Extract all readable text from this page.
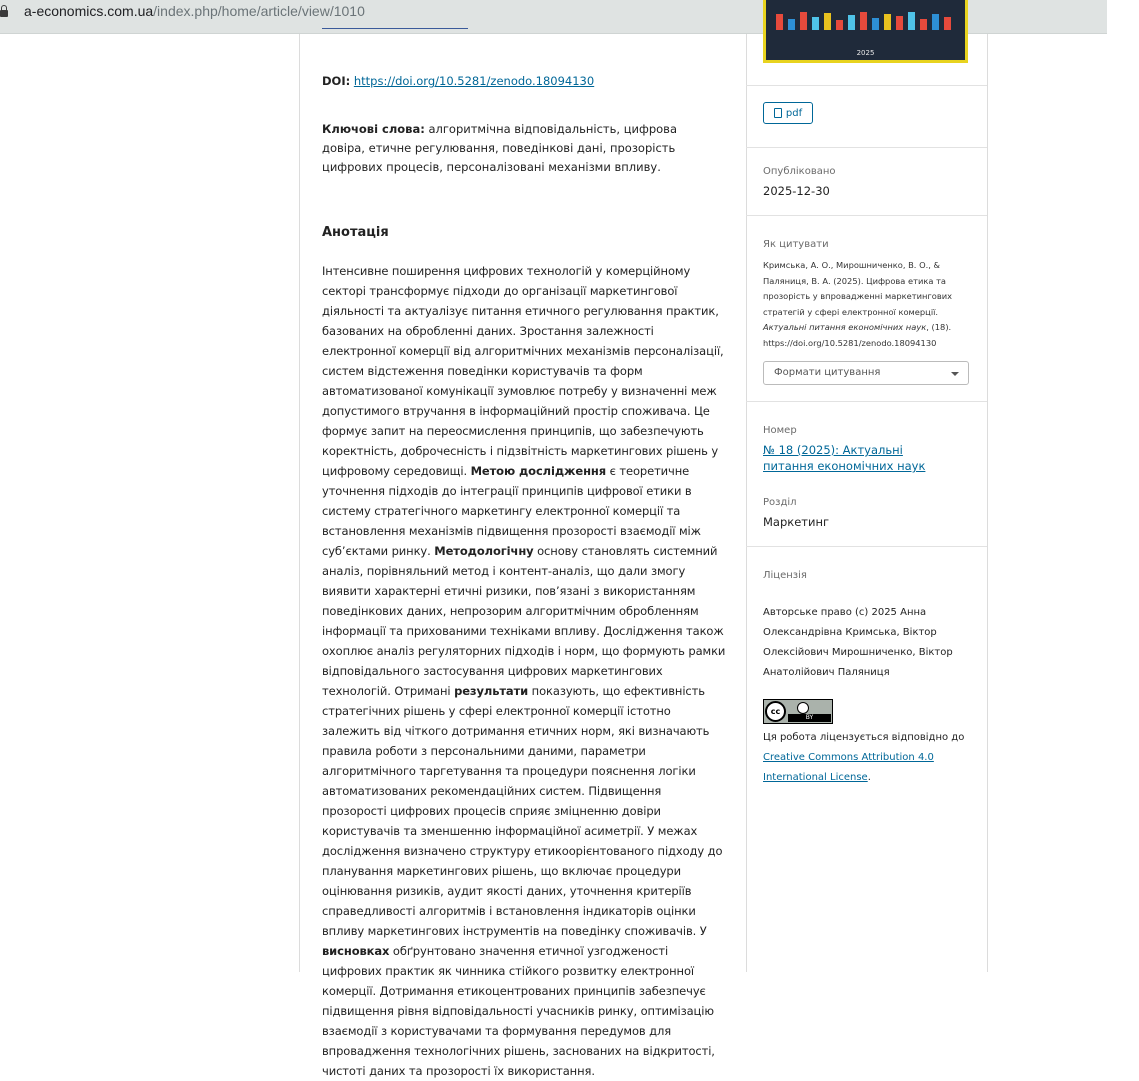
a-economics.com.ua/index.php/home/article/view/1010
DOI: https://doi.org/10.5281/zenodo.18094130
Ключові слова: алгоритмічна відповідальність, цифрова довіра, етичне регулювання, поведінкові дані, прозорість цифрових процесів, персоналізовані механізми впливу.
Анотація
Інтенсивне поширення цифрових технологій у комерційному секторі трансформує підходи до організації маркетингової діяльності та актуалізує питання етичного регулювання практик, базованих на обробленні даних. Зростання залежності електронної комерції від алгоритмічних механізмів персоналізації, систем відстеження поведінки користувачів та форм автоматизованої комунікації зумовлює потребу у визначенні меж допустимого втручання в інформаційний простір споживача. Це формує запит на переосмислення принципів, що забезпечують коректність, доброчесність і підзвітність маркетингових рішень у цифровому середовищі. Метою дослідження є теоретичне уточнення підходів до інтеграції принципів цифрової етики в систему стратегічного маркетингу електронної комерції та встановлення механізмів підвищення прозорості взаємодії між суб’єктами ринку. Методологічну основу становлять системний аналіз, порівняльний метод і контент-аналіз, що дали змогу виявити характерні етичні ризики, пов’язані з використанням поведінкових даних, непрозорим алгоритмічним обробленням інформації та прихованими техніками впливу. Дослідження також охоплює аналіз регуляторних підходів і норм, що формують рамки відповідального застосування цифрових маркетингових технологій. Отримані результати показують, що ефективність стратегічних рішень у сфері електронної комерції істотно залежить від чіткого дотримання етичних норм, які визначають правила роботи з персональними даними, параметри алгоритмічного таргетування та процедури пояснення логіки автоматизованих рекомендаційних систем. Підвищення прозорості цифрових процесів сприяє зміцненню довіри користувачів та зменшенню інформаційної асиметрії. У межах дослідження визначено структуру етикоорієнтованого підходу до планування маркетингових рішень, що включає процедури оцінювання ризиків, аудит якості даних, уточнення критеріїв справедливості алгоритмів і встановлення індикаторів оцінки впливу маркетингових інструментів на поведінку споживачів. У висновках обґрунтовано значення етичної узгодженості цифрових практик як чинника стійкого розвитку електронної комерції. Дотримання етикоцентрованих принципів забезпечує підвищення рівня відповідальності учасників ринку, оптимізацію взаємодії з користувачами та формування передумов для впровадження технологічних рішень, заснованих на відкритості, чистоті даних та прозорості їх використання.
2025
pdf
Опубліковано
2025-12-30
Як цитувати
Кримська, А. О., Мирошниченко, В. О., & Паляниця, В. А. (2025). Цифрова етика та прозорість у впровадженні маркетингових стратегій у сфері електронної комерції. Актуальні питання економічних наук, (18). https://doi.org/10.5281/zenodo.18094130
Формати цитування
Номер
№ 18 (2025): Актуальні питання економічних наук
Розділ
Маркетинг
Ліцензія
Авторське право (c) 2025 Анна Олександрівна Кримська, Віктор Олексійович Мирошниченко, Віктор Анатолійович Паляниця
cc
BY
Ця робота ліцензується відповідно до Creative Commons Attribution 4.0 International License.
